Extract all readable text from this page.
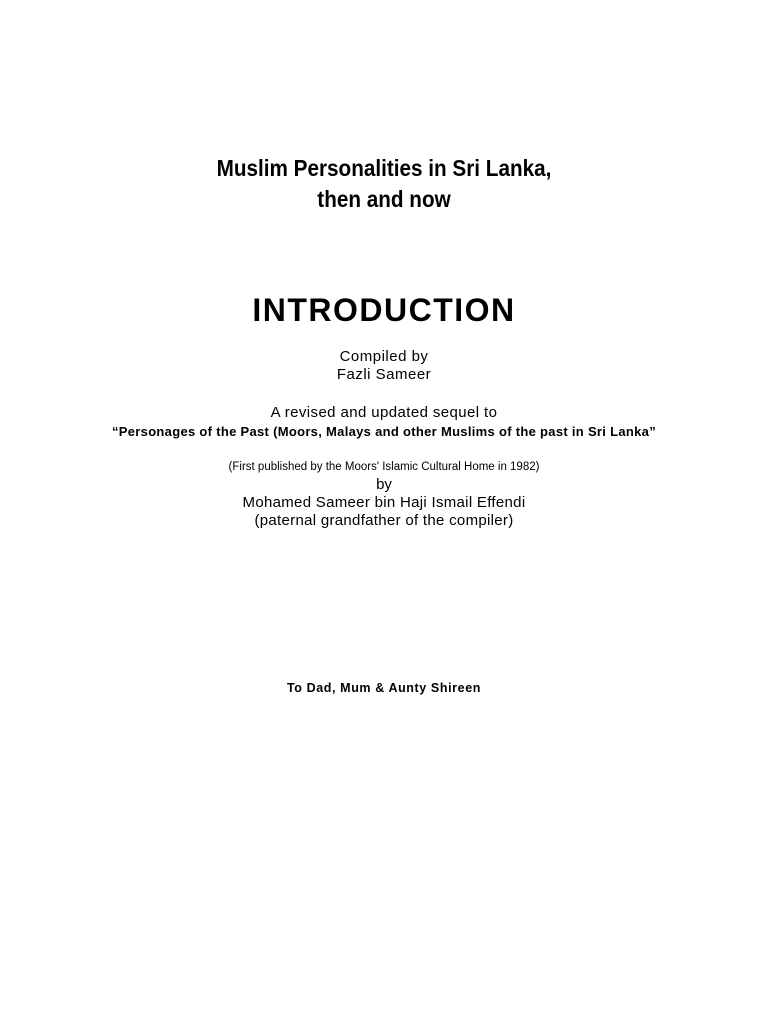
Muslim Personalities in Sri Lanka,
then and now
INTRODUCTION
Compiled by
Fazli Sameer
A revised and updated sequel to
“Personages of the Past (Moors, Malays and other Muslims of the past in Sri Lanka”
(First published by the Moors' Islamic Cultural Home in 1982)
by
Mohamed Sameer bin Haji Ismail Effendi
(paternal grandfather of the compiler)
To Dad, Mum & Aunty Shireen
